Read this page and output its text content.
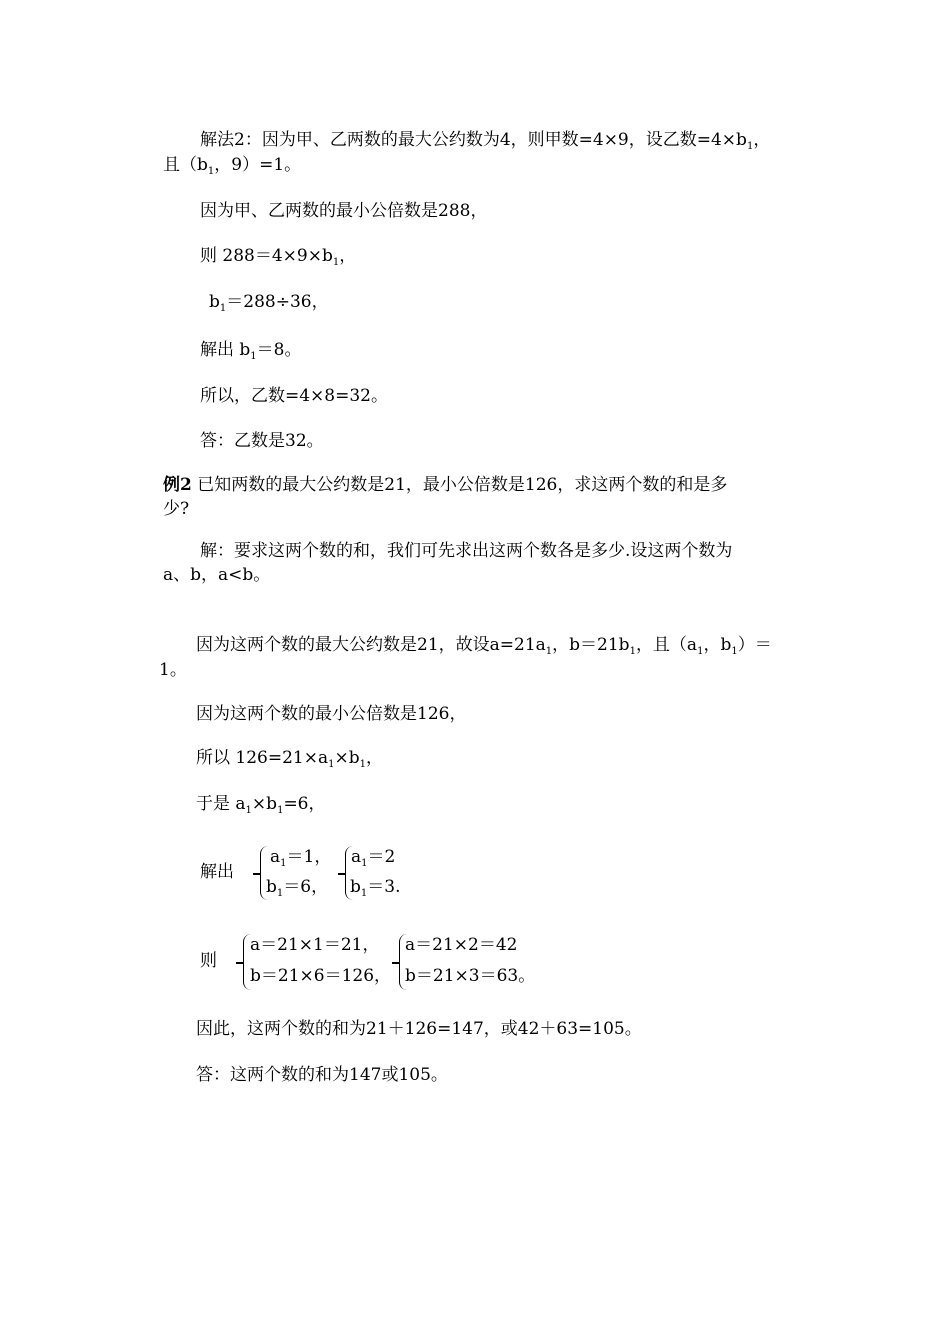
解法2：因为甲、乙两数的最大公约数为4，则甲数=4×9，设乙数$=4\times b_1$，
且（$b_1$，9）=1。
因为甲、乙两数的最小公倍数是288，
则 $288=4\times 9\times b_1$，
$b_1=288\div 36$，
解出 $b_1=8$。
所以，乙数=4×8=32。
答：乙数是32。
例2 已知两数的最大公约数是21，最小公倍数是126，求这两个数的和是多
少?
解：要求这两个数的和，我们可先求出这两个数各是多少.设这两个数为
a、b，a<b。
因为这两个数的最大公约数是21，故设$a=21a_1$，$b=21b_1$，且（$a_1$，$b_1)=$
1。
因为这两个数的最小公倍数是126，
所以 $126=21\times a_1\times b_1$，
于是 $a_1\times b_1=6$，
解出
$a_1=1$，
$b_1=6$，
$a_1=2$
$b_1=3$.
则
a＝21×1＝21，
b＝21×6＝126，
a＝21×2＝42
b＝21×3＝63。
因此，这两个数的和为21＋126=147，或42＋63=105。
答：这两个数的和为147或105。
